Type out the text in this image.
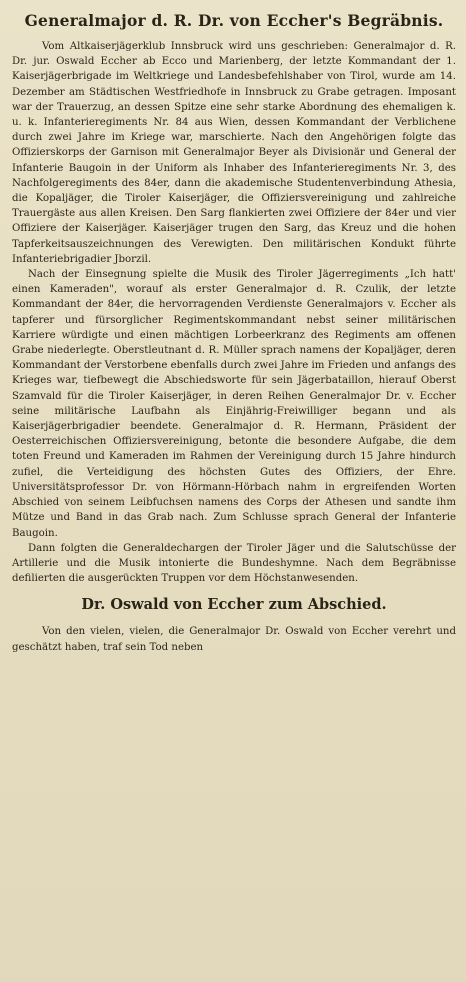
Generalmajor d. R. Dr. von Eccher's Begräbnis.

Vom Altkaiserjägerklub Innsbruck wird uns geschrieben: Generalmajor d. R. Dr. jur. Oswald Eccher ab Ecco und Marienberg, der letzte Kommandant der 1. Kaiserjägerbrigade im Weltkriege und Landesbefehlshaber von Tirol, wurde am 14. Dezember am Städtischen Westfriedhofe in Innsbruck zu Grabe getragen. Imposant war der Trauerzug, an dessen Spitze eine sehr starke Abordnung des ehemaligen k. u. k. Infanterieregiments Nr. 84 aus Wien, dessen Kommandant der Verblichene durch zwei Jahre im Kriege war, marschierte. Nach den Angehörigen folgte das Offizierskorps der Garnison mit Generalmajor Beyer als Divisionär und General der Infanterie Baugoin in der Uniform als Inhaber des Infanterieregiments Nr. 3, des Nachfolgeregiments des 84er, dann die akademische Studentenverbindung Athesia, die Kopaljäger, die Tiroler Kaiserjäger, die Offiziersvereinigung und zahlreiche Trauergäste aus allen Kreisen. Den Sarg flankierten zwei Offiziere der 84er und vier Offiziere der Kaiserjäger. Kaiserjäger trugen den Sarg, das Kreuz und die hohen Tapferkeitsauszeichnungen des Verewigten. Den militärischen Kondukt führte Infanteriebrigadier Jborzil.

Nach der Einsegnung spielte die Musik des Tiroler Jägerregiments „Ich hatt' einen Kameraden", worauf als erster Generalmajor d. R. Czulik, der letzte Kommandant der 84er, die hervorragenden Verdienste Generalmajors v. Eccher als tapferer und fürsorglicher Regimentskommandant nebst seiner militärischen Karriere würdigte und einen mächtigen Lorbeerkranz des Regiments am offenen Grabe niederlegte. Oberstleutnant d. R. Müller sprach namens der Kopaljäger, deren Kommandant der Verstorbene ebenfalls durch zwei Jahre im Frieden und anfangs des Krieges war, tiefbewegt die Abschiedsworte für sein Jägerbataillon, hierauf Oberst Szamvald für die Tiroler Kaiserjäger, in deren Reihen Generalmajor Dr. v. Eccher seine militärische Laufbahn als Einjährig-Freiwilliger begann und als Kaiserjägerbrigadier beendete. Generalmajor d. R. Hermann, Präsident der Oesterreichischen Offiziersvereinigung, betonte die besondere Aufgabe, die dem toten Freund und Kameraden im Rahmen der Vereinigung durch 15 Jahre hindurch zufiel, die Verteidigung des höchsten Gutes des Offiziers, der Ehre. Universitätsprofessor Dr. von Hörmann-Hörbach nahm in ergreifenden Worten Abschied von seinem Leibfuchsen namens des Corps der Athesen und sandte ihm Mütze und Band in das Grab nach. Zum Schlusse sprach General der Infanterie Baugoin.

Dann folgten die Generaldechargen der Tiroler Jäger und die Salutschüsse der Artillerie und die Musik intonierte die Bundeshymne. Nach dem Begräbnisse defilierten die ausgerückten Truppen vor dem Höchstanwesenden.

Dr. Oswald von Eccher zum Abschied.

Von den vielen, vielen, die Generalmajor Dr. Oswald von Eccher verehrt und geschätzt haben, traf sein Tod neben
